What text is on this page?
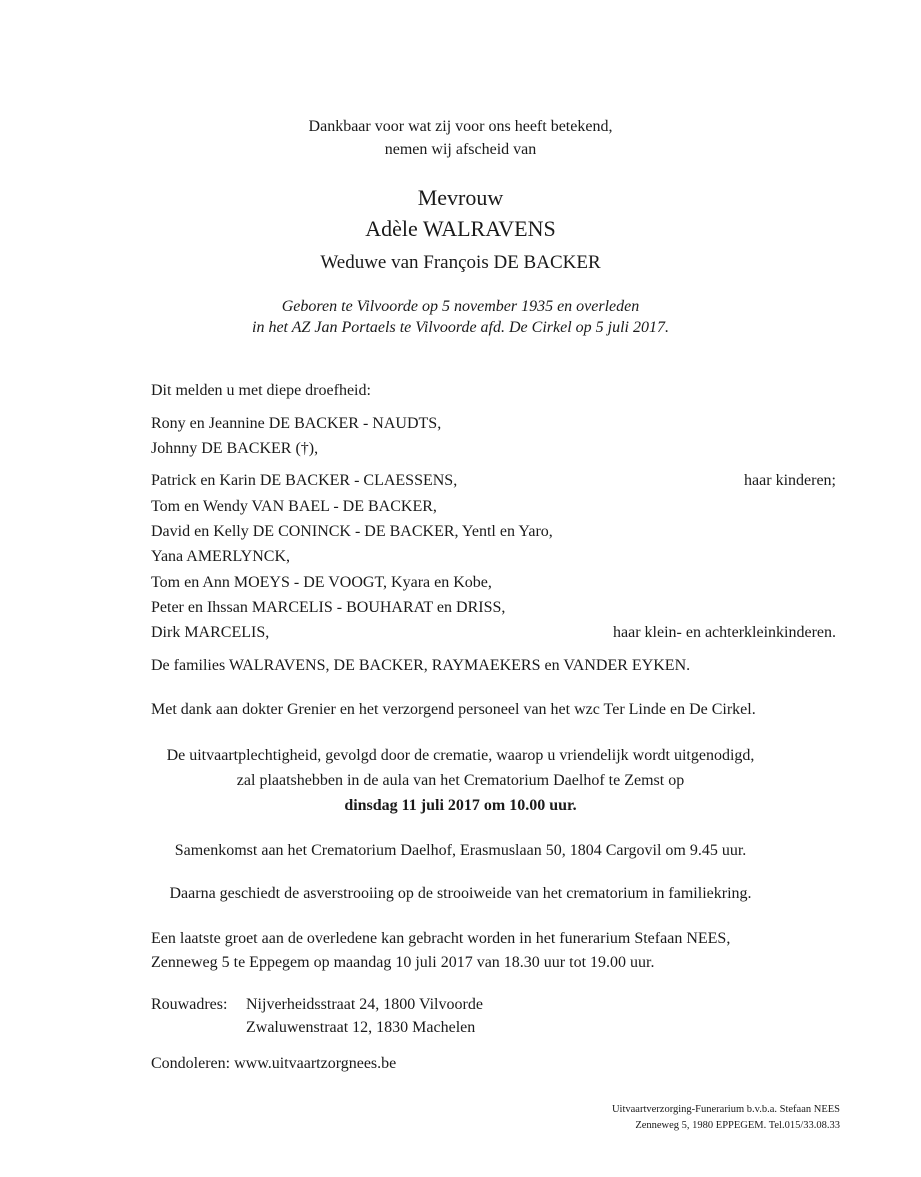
Dankbaar voor wat zij voor ons heeft betekend,
nemen wij afscheid van
Mevrouw
Adèle WALRAVENS
Weduwe van François DE BACKER
Geboren te Vilvoorde op 5 november 1935 en overleden
in het AZ Jan Portaels te Vilvoorde afd. De Cirkel op 5 juli 2017.
Dit melden u met diepe droefheid:
Rony en Jeannine DE BACKER - NAUDTS,
Johnny DE BACKER (†),
Patrick en Karin DE BACKER - CLAESSENS,	haar kinderen;
Tom en Wendy VAN BAEL - DE BACKER,
David en Kelly DE CONINCK - DE BACKER, Yentl en Yaro,
Yana AMERLYNCK,
Tom en Ann MOEYS - DE VOOGT, Kyara en Kobe,
Peter en Ihssan MARCELIS - BOUHARAT en DRISS,
Dirk MARCELIS,	haar klein- en achterkleinkinderen.
De families WALRAVENS, DE BACKER, RAYMAEKERS en VANDER EYKEN.
Met dank aan dokter Grenier en het verzorgend personeel van het wzc Ter Linde en De Cirkel.
De uitvaartplechtigheid, gevolgd door de crematie, waarop u vriendelijk wordt uitgenodigd,
zal plaatshebben in de aula van het Crematorium Daelhof te Zemst op
dinsdag 11 juli 2017 om 10.00 uur.
Samenkomst aan het Crematorium Daelhof, Erasmuslaan 50, 1804 Cargovil om 9.45 uur.
Daarna geschiedt de asverstrooiing op de strooiweide van het crematorium in familiekring.
Een laatste groet aan de overledene kan gebracht worden in het funerarium Stefaan NEES,
Zenneweg 5 te Eppegem op maandag 10 juli 2017 van 18.30 uur tot 19.00 uur.
Rouwadres: Nijverheidsstraat 24, 1800 Vilvoorde
Zwaluwenstraat 12, 1830 Machelen
Condoleren: www.uitvaartzorgnees.be
Uitvaartverzorging-Funerarium b.v.b.a. Stefaan NEES
Zenneweg 5, 1980 EPPEGEM. Tel.015/33.08.33
